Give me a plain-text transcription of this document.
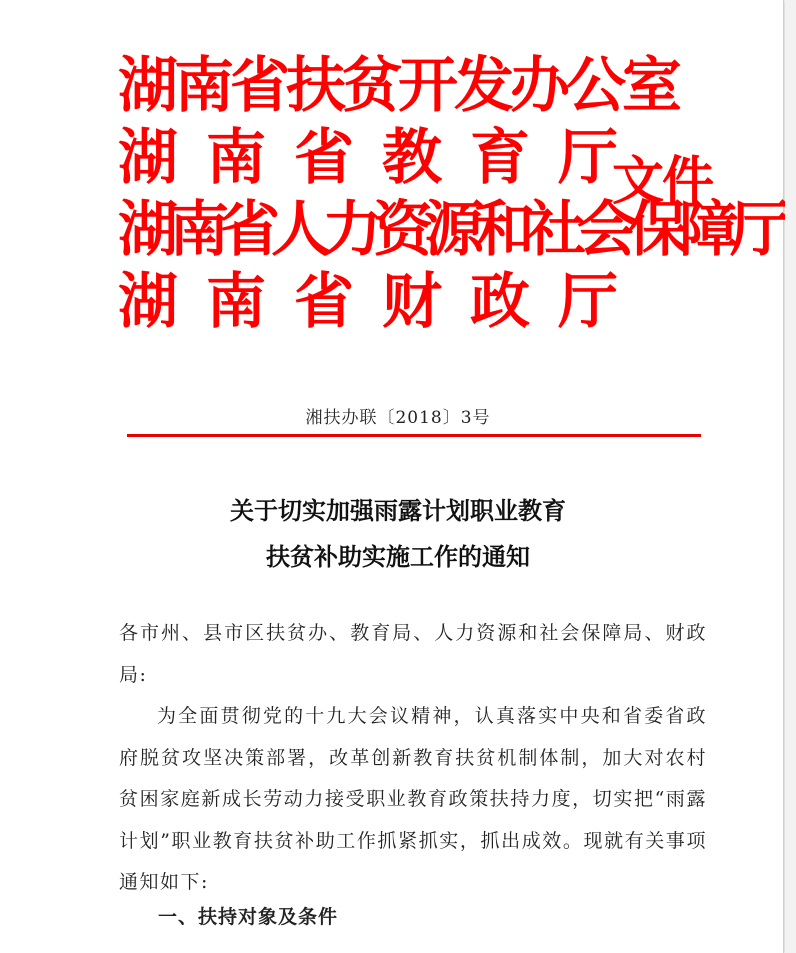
湖南省扶贫开发办公室
湖南省教育厅
湖南省人力资源和社会保障厅
湖南省财政厅
文件
湘扶办联〔2018〕3号
关于切实加强雨露计划职业教育
扶贫补助实施工作的通知

各市州、县市区扶贫办、教育局、人力资源和社会保障局、财政局:

为全面贯彻党的十九大会议精神，认真落实中央和省委省政府脱贫攻坚决策部署，改革创新教育扶贫机制体制，加大对农村贫困家庭新成长劳动力接受职业教育政策扶持力度，切实把“雨露计划”职业教育扶贫补助工作抓紧抓实，抓出成效。现就有关事项通知如下:

一、扶持对象及条件
